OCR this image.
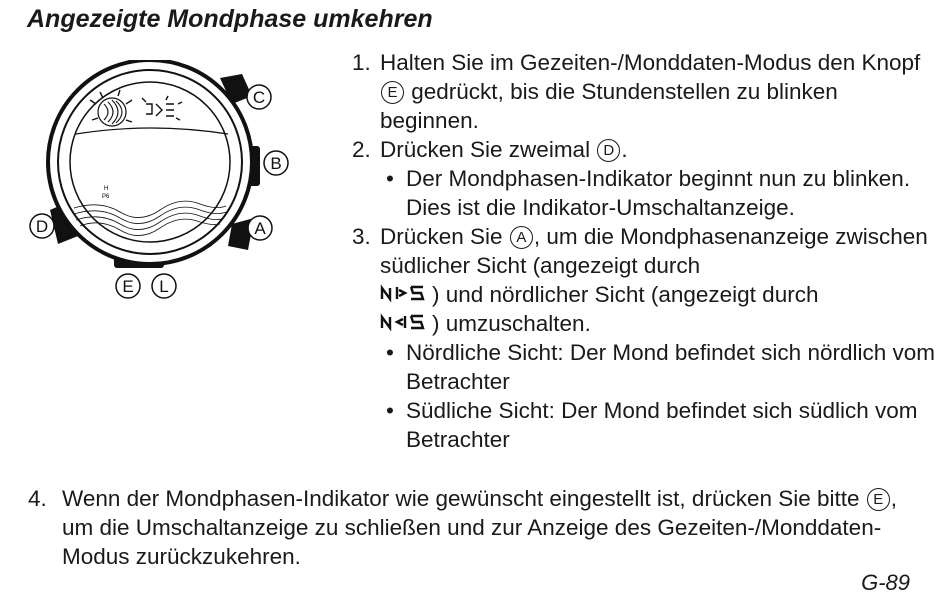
Angezeigte Mondphase umkehren
H
P6
C
B
A
D
E L
1. Halten Sie im Gezeiten-/Monddaten-Modus den Knopf E gedrückt, bis die Stundenstellen zu blinken beginnen.
2. Drücken Sie zweimal D .
• Der Mondphasen-Indikator beginnt nun zu blinken. Dies ist die Indikator-Umschaltanzeige.
3. Drücken Sie A , um die Mondphasenanzeige zwischen südlicher Sicht (angezeigt durch
) und nördlicher Sicht (angezeigt durch
) umzuschalten.
• Nördliche Sicht: Der Mond befindet sich nördlich vom Betrachter
• Südliche Sicht: Der Mond befindet sich südlich vom Betrachter
4. Wenn der Mondphasen-Indikator wie gewünscht eingestellt ist, drücken Sie bitte E , um die Umschaltanzeige zu schließen und zur Anzeige des Gezeiten-/Monddaten-Modus zurückzukehren.
G-89
